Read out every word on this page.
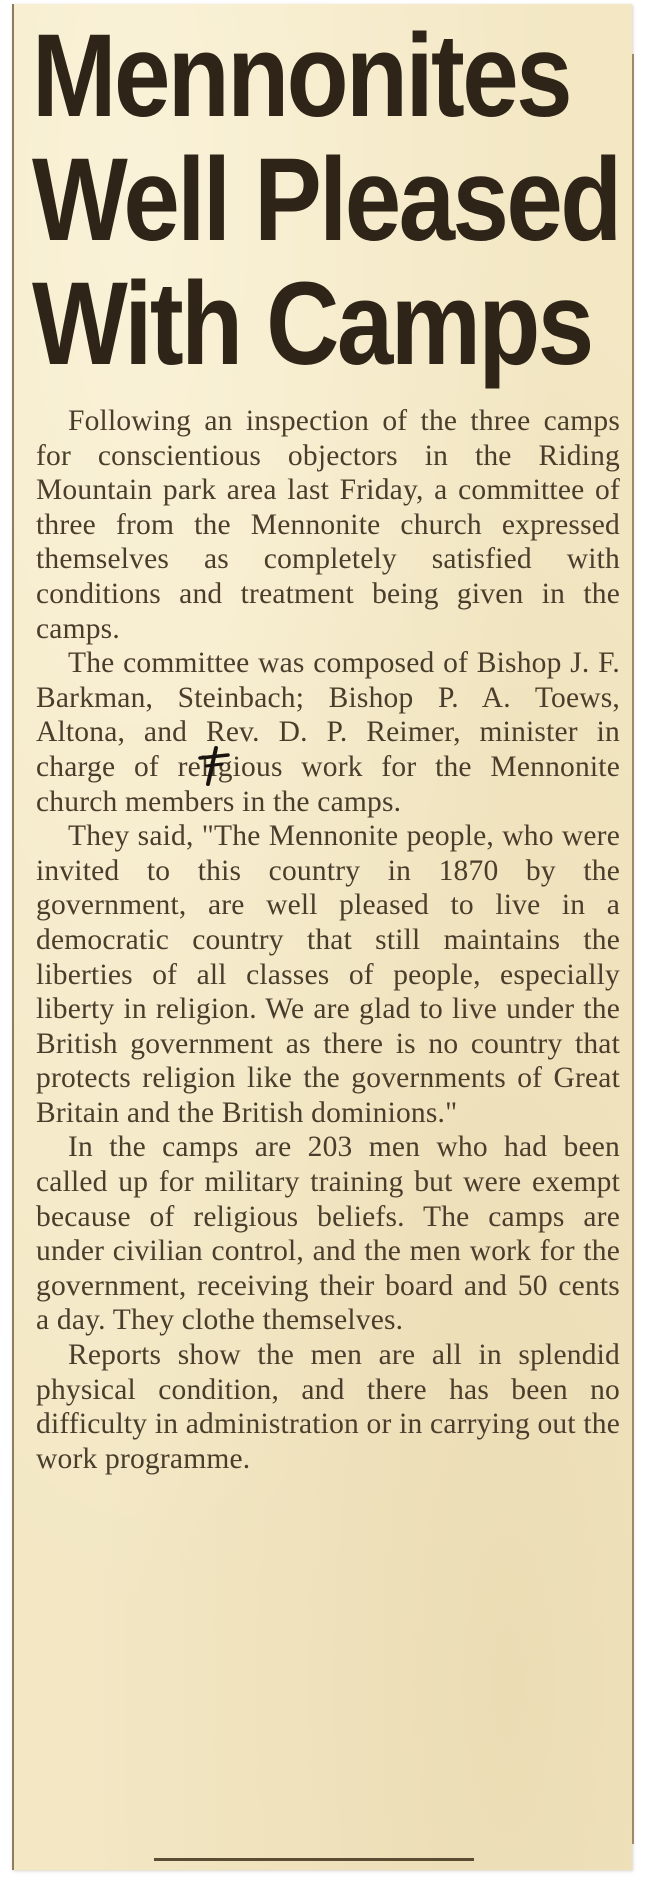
Mennonites
Well Pleased
With Camps

Following an inspection of the three camps for conscientious objectors in the Riding Mountain park area last Friday, a committee of three from the Mennonite church expressed themselves as completely satisfied with conditions and treatment being given in the camps.

The committee was composed of Bishop J. F. Barkman, Steinbach; Bishop P. A. Toews, Altona, and Rev. D. P. Reimer, minister in charge of religious work for the Mennonite church members in the camps.

They said, "The Mennonite people, who were invited to this country in 1870 by the government, are well pleased to live in a democratic country that still maintains the liberties of all classes of people, especially liberty in religion. We are glad to live under the British government as there is no country that protects religion like the governments of Great Britain and the British dominions."

In the camps are 203 men who had been called up for military training but were exempt because of religious beliefs. The camps are under civilian control, and the men work for the government, receiving their board and 50 cents a day. They clothe themselves.

Reports show the men are all in splendid physical condition, and there has been no difficulty in administration or in carrying out the work programme.
